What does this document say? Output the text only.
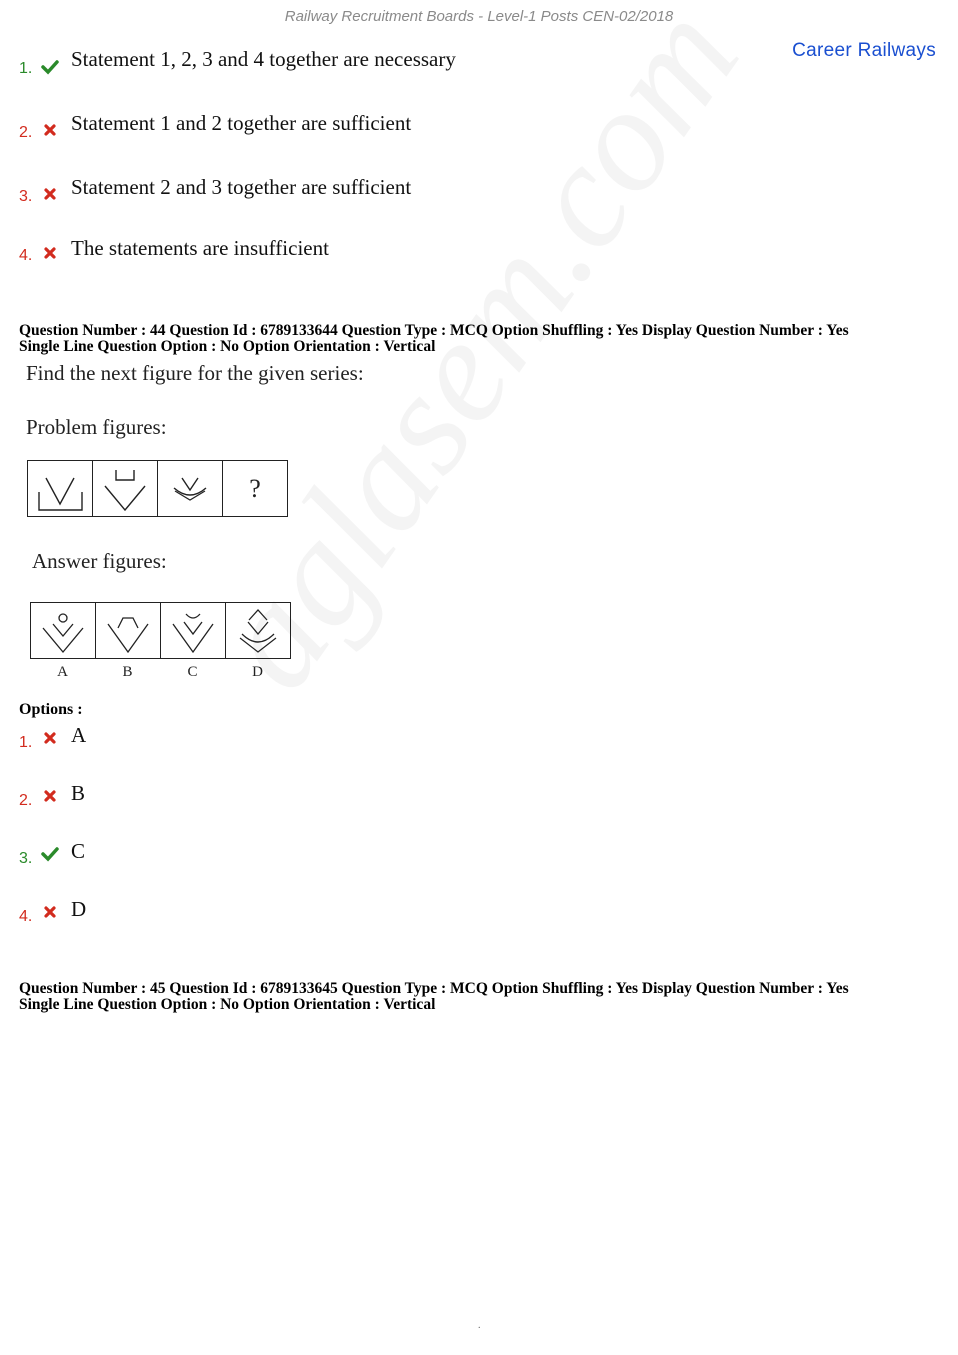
Railway Recruitment Boards - Level-1 Posts CEN-02/2018
Career Railways
1. Statement 1, 2, 3 and 4 together are necessary
2. Statement 1 and 2 together are sufficient
3. Statement 2 and 3 together are sufficient
4. The statements are insufficient
Question Number : 44 Question Id : 6789133644 Question Type : MCQ Option Shuffling : Yes Display Question Number : Yes
Single Line Question Option : No Option Orientation : Vertical
Find the next figure for the given series:
Problem figures:
?
Answer figures:
A	B	C	D
Options :
1. A
2. B
3. C
4. D
Question Number : 45 Question Id : 6789133645 Question Type : MCQ Option Shuffling : Yes Display Question Number : Yes
Single Line Question Option : No Option Orientation : Vertical
.
